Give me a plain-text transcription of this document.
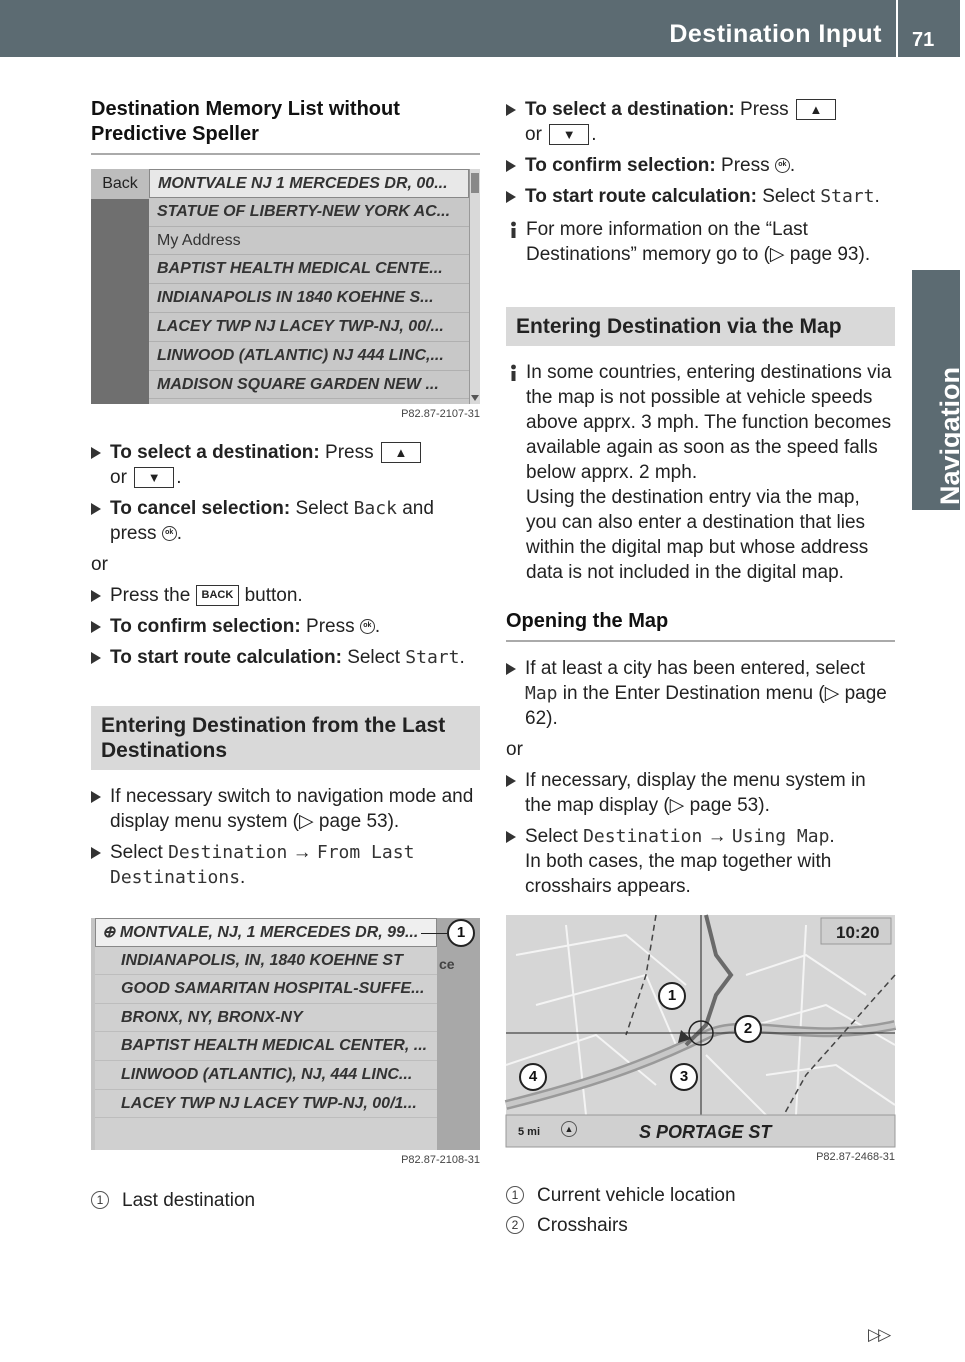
Destination Input 71
Navigation
Destination Memory List without Predictive Speller
Back	MONTVALE NJ 1 MERCEDES DR, 00...
STATUE OF LIBERTY-NEW YORK AC...
My Address
BAPTIST HEALTH MEDICAL CENTE...
INDIANAPOLIS IN 1840 KOEHNE S...
LACEY TWP NJ LACEY TWP-NJ, 00/...
LINWOOD (ATLANTIC) NJ 444 LINC,...
MADISON SQUARE GARDEN NEW ...
P82.87-2107-31
To select a destination: Press ▲
or ▼ .
To cancel selection: Select Back and
press ok .
or
Press the BACK button.
To confirm selection: Press ok .
To start route calculation: Select Start.
Entering Destination from the Last Destinations
If necessary switch to navigation mode and display menu system (▷ page 53).
Select Destination → From Last Destinations.
⊕ MONTVALE, NJ, 1 MERCEDES DR, 99...
INDIANAPOLIS, IN, 1840 KOEHNE ST
GOOD SAMARITAN HOSPITAL-SUFFE...
BRONX, NY, BRONX-NY
BAPTIST HEALTH MEDICAL CENTER, ...
LINWOOD (ATLANTIC), NJ, 444 LINC...
LACEY TWP NJ LACEY TWP-NJ, 00/1...
ce
1
P82.87-2108-31
1 Last destination
To select a destination: Press ▲
or ▼ .
To confirm selection: Press ok .
To start route calculation: Select Start.
For more information on the “Last Destinations” memory go to (▷ page 93).
Entering Destination via the Map
In some countries, entering destinations via the map is not possible at vehicle speeds above apprx. 3 mph. The function becomes available again as soon as the speed falls below apprx. 2 mph.
Using the destination entry via the map, you can also enter a destination that lies within the digital map but whose address data is not included in the digital map.
Opening the Map
If at least a city has been entered, select Map in the Enter Destination menu (▷ page 62).
or
If necessary, display the menu system in the map display (▷ page 53).
Select Destination → Using Map.
In both cases, the map together with crosshairs appears.
10:20
5 mi	▲	S PORTAGE ST
1
2
3
4
P82.87-2468-31
1 Current vehicle location
2 Crosshairs
▷▷
